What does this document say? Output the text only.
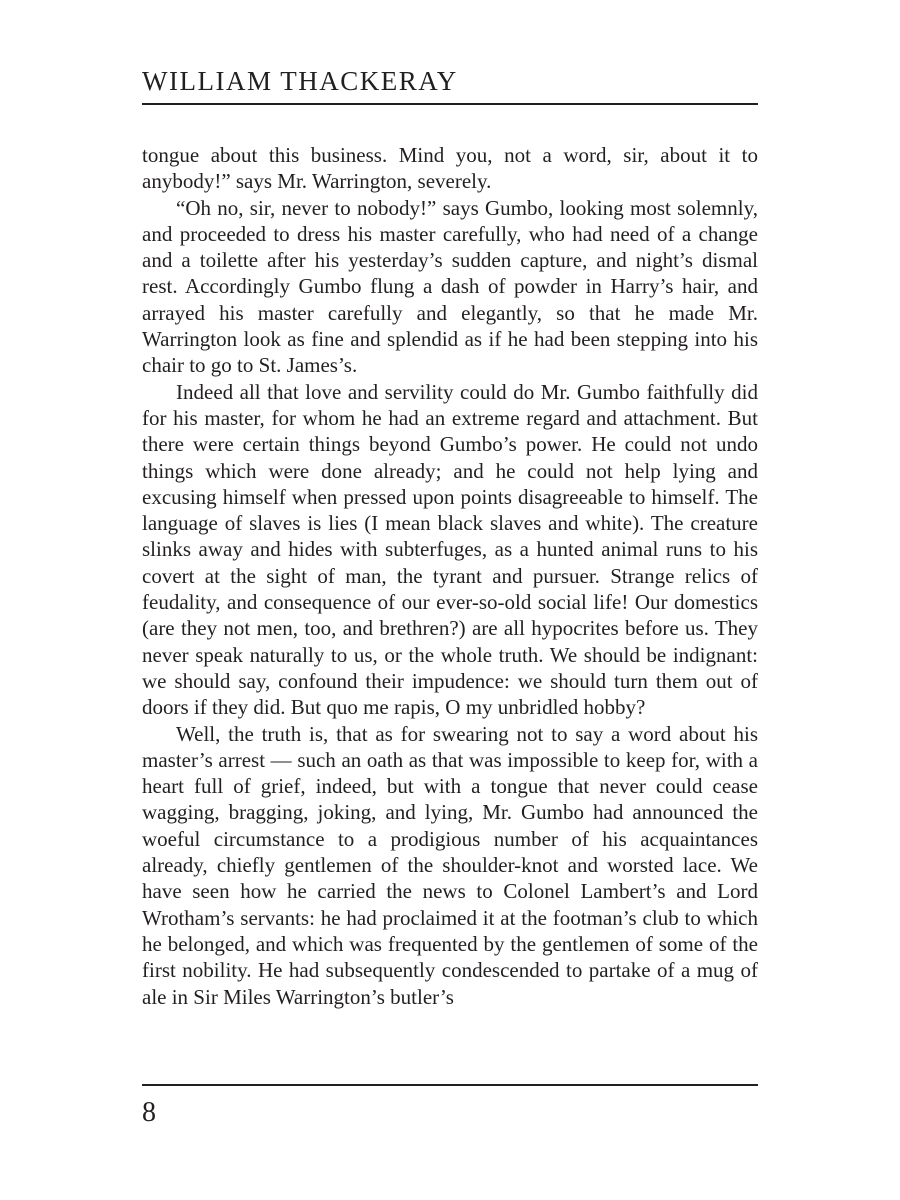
WILLIAM THACKERAY

tongue about this business. Mind you, not a word, sir, about it to anybody!” says Mr. Warrington, severely.

“Oh no, sir, never to nobody!” says Gumbo, looking most solemnly, and proceeded to dress his master carefully, who had need of a change and a toilette after his yesterday’s sudden capture, and night’s dismal rest. Accordingly Gumbo flung a dash of powder in Harry’s hair, and arrayed his master carefully and elegantly, so that he made Mr. Warrington look as fine and splendid as if he had been stepping into his chair to go to St. James’s.

Indeed all that love and servility could do Mr. Gumbo faithfully did for his master, for whom he had an extreme regard and attachment. But there were certain things beyond Gumbo’s power. He could not undo things which were done already; and he could not help lying and excusing himself when pressed upon points disagreeable to himself. The language of slaves is lies (I mean black slaves and white). The creature slinks away and hides with subterfuges, as a hunted animal runs to his covert at the sight of man, the tyrant and pursuer. Strange relics of feudality, and consequence of our ever-so-old social life! Our domestics (are they not men, too, and brethren?) are all hypocrites before us. They never speak naturally to us, or the whole truth. We should be indignant: we should say, confound their impudence: we should turn them out of doors if they did. But quo me rapis, O my unbridled hobby?

Well, the truth is, that as for swearing not to say a word about his master’s arrest — such an oath as that was impossible to keep for, with a heart full of grief, indeed, but with a tongue that never could cease wagging, bragging, joking, and lying, Mr. Gumbo had announced the woeful circumstance to a prodigious number of his acquaintances already, chiefly gentlemen of the shoulder-knot and worsted lace. We have seen how he carried the news to Colonel Lambert’s and Lord Wrotham’s servants: he had proclaimed it at the footman’s club to which he belonged, and which was frequented by the gentlemen of some of the first nobility. He had subsequently condescended to partake of a mug of ale in Sir Miles Warrington’s butler’s

8
